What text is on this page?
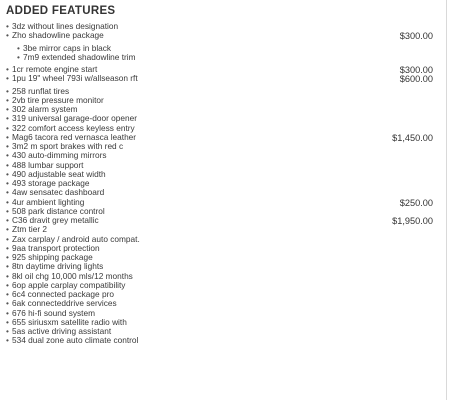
ADDED FEATURES
• 3dz without lines designation
• Zho shadowline package	$300.00
• 3be mirror caps in black
• 7m9 extended shadowline trim
• 1cr remote engine start	$300.00
• 1pu 19" wheel 793i w/allseason rft	$600.00
• 258 runflat tires
• 2vb tire pressure monitor
• 302 alarm system
• 319 universal garage-door opener
• 322 comfort access keyless entry
• Mag6 tacora red vernasca leather	$1,450.00
• 3m2 m sport brakes with red c
• 430 auto-dimming mirrors
• 488 lumbar support
• 490 adjustable seat width
• 493 storage package
• 4aw sensatec dashboard
• 4ur ambient lighting	$250.00
• 508 park distance control
• C36 dravit grey metallic	$1,950.00
• Ztm tier 2
• Zax carplay / android auto compat.
• 9aa transport protection
• 925 shipping package
• 8tn daytime driving lights
• 8kl oil chg 10,000 mls/12 months
• 6op apple carplay compatibility
• 6c4 connected package pro
• 6ak connecteddrive services
• 676 hi-fi sound system
• 655 siriusxm satellite radio with
• 5as active driving assistant
• 534 dual zone auto climate control
